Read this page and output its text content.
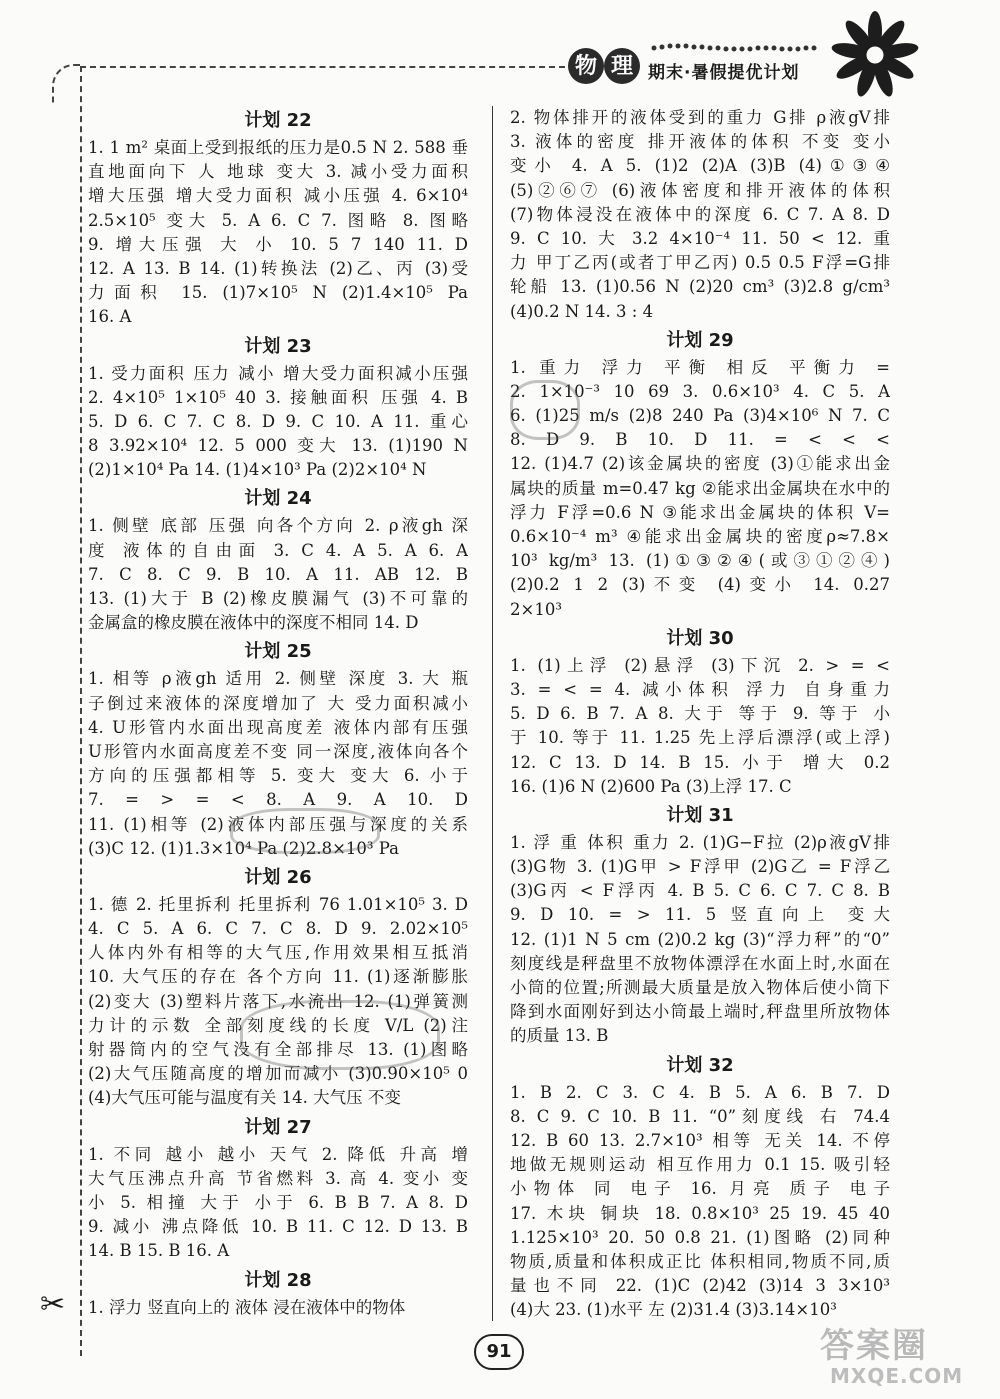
物 理 期末·暑假提优计划
计划 22
1. 1 m² 桌面上受到报纸的压力是0.5 N 2. 588 垂
直地面向下 人 地球 变大 3. 减小受力面积
增大压强 增大受力面积 减小压强 4. 6×10⁴
2.5×10⁵ 变大 5. A 6. C 7. 图略 8. 图略
9. 增大压强 大 小 10. 5 7 140 11. D
12. A 13. B 14. (1)转换法 (2)乙、丙 (3)受
力面积 15. (1)7×10⁵ N (2)1.4×10⁵ Pa
16. A
计划 23
1. 受力面积 压力 减小 增大受力面积减小压强
2. 4×10⁵ 1×10⁵ 40 3. 接触面积 压强 4. B
5. D 6. C 7. C 8. D 9. C 10. A 11. 重心
8 3.92×10⁴ 12. 5 000 变大 13. (1)190 N
(2)1×10⁴ Pa 14. (1)4×10³ Pa (2)2×10⁴ N
计划 24
1. 侧壁 底部 压强 向各个方向 2. ρ液gh 深
度 液体的自由面 3. C 4. A 5. A 6. A
7. C 8. C 9. B 10. A 11. AB 12. B
13. (1)大于 B (2)橡皮膜漏气 (3)不可靠的
金属盒的橡皮膜在液体中的深度不相同 14. D
计划 25
1. 相等 ρ液gh 适用 2. 侧壁 深度 3. 大 瓶
子倒过来液体的深度增加了 大 受力面积减小
4. U形管内水面出现高度差 液体内部有压强
U形管内水面高度差不变 同一深度,液体向各个
方向的压强都相等 5. 变大 变大 6. 小于
7. = > = < 8. A 9. A 10. D
11. (1)相等 (2)液体内部压强与深度的关系
(3)C 12. (1)1.3×10⁴ Pa (2)2.8×10³ Pa
计划 26
1. 德 2. 托里拆利 托里拆利 76 1.01×10⁵ 3. D
4. C 5. A 6. C 7. C 8. D 9. 2.02×10⁵
人体内外有相等的大气压,作用效果相互抵消
10. 大气压的存在 各个方向 11. (1)逐渐膨胀
(2)变大 (3)塑料片落下,水流出 12. (1)弹簧测
力计的示数 全部刻度线的长度 V/L (2)注
射器筒内的空气没有全部排尽 13. (1)图略
(2)大气压随高度的增加而减小 (3)0.90×10⁵ 0
(4)大气压可能与温度有关 14. 大气压 不变
计划 27
1. 不同 越小 越小 天气 2. 降低 升高 增
大气压沸点升高 节省燃料 3. 高 4. 变小 变
小 5. 相撞 大于 小于 6. B B 7. A 8. D
9. 减小 沸点降低 10. B 11. C 12. D 13. B
14. B 15. B 16. A
计划 28
1. 浮力 竖直向上的 液体 浸在液体中的物体
2. 物体排开的液体受到的重力 G排 ρ液gV排
3. 液体的密度 排开液体的体积 不变 变小
变小 4. A 5. (1)2 (2)A (3)B (4)①③④
(5)②⑥⑦ (6)液体密度和排开液体的体积
(7)物体浸没在液体中的深度 6. C 7. A 8. D
9. C 10. 大 3.2 4×10⁻⁴ 11. 50 < 12. 重
力 甲丁乙丙(或者丁甲乙丙) 0.5 0.5 F浮=G排
轮船 13. (1)0.56 N (2)20 cm³ (3)2.8 g/cm³
(4)0.2 N 14. 3 : 4
计划 29
1. 重力 浮力 平衡 相反 平衡力 =
2. 1×10⁻³ 10 69 3. 0.6×10³ 4. C 5. A
6. (1)25 m/s (2)8 240 Pa (3)4×10⁶ N 7. C
8. D 9. B 10. D 11. = < < <
12. (1)4.7 (2)该金属块的密度 (3)①能求出金
属块的质量 m=0.47 kg ②能求出金属块在水中的
浮力 F浮=0.6 N ③能求出金属块的体积 V=
0.6×10⁻⁴ m³ ④能求出金属块的密度ρ≈7.8×
10³ kg/m³ 13. (1)①③②④(或③①②④)
(2)0.2 1 2 (3)不变 (4)变小 14. 0.27
2×10³
计划 30
1. (1)上浮 (2)悬浮 (3)下沉 2. > = <
3. = < = 4. 减小体积 浮力 自身重力
5. D 6. B 7. A 8. 大于 等于 9. 等于 小
于 10. 等于 11. 1.25 先上浮后漂浮(或上浮)
12. C 13. D 14. B 15. 小于 增大 0.2
16. (1)6 N (2)600 Pa (3)上浮 17. C
计划 31
1. 浮 重 体积 重力 2. (1)G−F拉 (2)ρ液gV排
(3)G物 3. (1)G甲 > F浮甲 (2)G乙 = F浮乙
(3)G丙 < F浮丙 4. B 5. C 6. C 7. C 8. B
9. D 10. = > 11. 5 竖直向上 变大
12. (1)1 N 5 cm (2)0.2 kg (3)“浮力秤”的“0”
刻度线是秤盘里不放物体漂浮在水面上时,水面在
小筒的位置;所测最大质量是放入物体后使小筒下
降到水面刚好到达小筒最上端时,秤盘里所放物体
的质量 13. B
计划 32
1. B 2. C 3. C 4. B 5. A 6. B 7. D
8. C 9. C 10. B 11. “0”刻度线 右 74.4
12. B 60 13. 2.7×10³ 相等 无关 14. 不停
地做无规则运动 相互作用力 0.1 15. 吸引轻
小物体 同 电子 16. 月亮 质子 电子
17. 木块 铜块 18. 0.8×10³ 25 19. 45 40
1.125×10³ 20. 50 0.8 21. (1)图略 (2)同种
物质,质量和体积成正比 体积相同,物质不同,质
量也不同 22. (1)C (2)42 (3)14 3 3×10³
(4)大 23. (1)水平 左 (2)31.4 (3)3.14×10³
✂
91	答案圈
MXQE.COM
